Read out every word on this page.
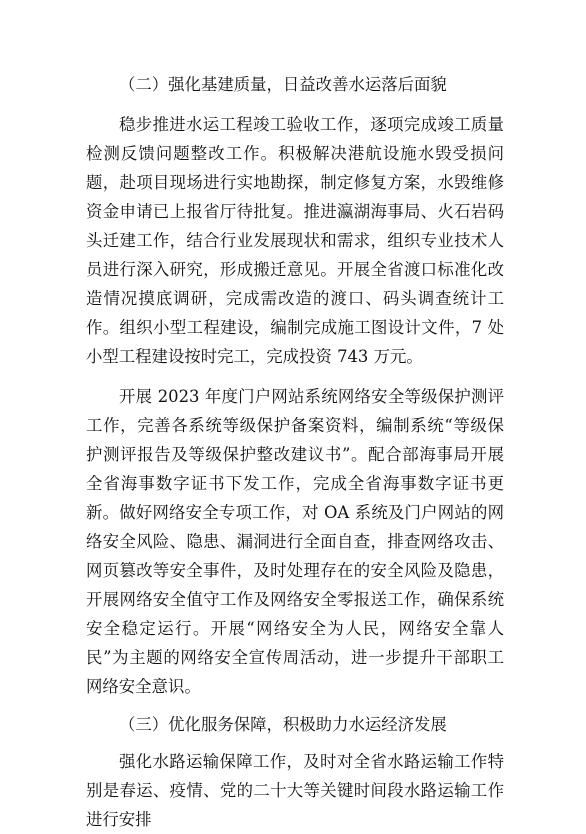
（二）强化基建质量，日益改善水运落后面貌

稳步推进水运工程竣工验收工作，逐项完成竣工质量检测反馈问题整改工作。积极解决港航设施水毁受损问题，赴项目现场进行实地勘探，制定修复方案，水毁维修资金申请已上报省厅待批复。推进瀛湖海事局、火石岩码头迁建工作，结合行业发展现状和需求，组织专业技术人员进行深入研究，形成搬迁意见。开展全省渡口标准化改造情况摸底调研，完成需改造的渡口、码头调查统计工作。组织小型工程建设，编制完成施工图设计文件，7 处小型工程建设按时完工，完成投资 743 万元。

开展 2023 年度门户网站系统网络安全等级保护测评工作，完善各系统等级保护备案资料，编制系统“等级保护测评报告及等级保护整改建议书”。配合部海事局开展全省海事数字证书下发工作，完成全省海事数字证书更新。做好网络安全专项工作，对 OA 系统及门户网站的网络安全风险、隐患、漏洞进行全面自查，排查网络攻击、网页篡改等安全事件，及时处理存在的安全风险及隐患，开展网络安全值守工作及网络安全零报送工作，确保系统安全稳定运行。开展“网络安全为人民，网络安全靠人民”为主题的网络安全宣传周活动，进一步提升干部职工网络安全意识。

（三）优化服务保障，积极助力水运经济发展

强化水路运输保障工作，及时对全省水路运输工作特别是春运、疫情、党的二十大等关键时间段水路运输工作进行安排
